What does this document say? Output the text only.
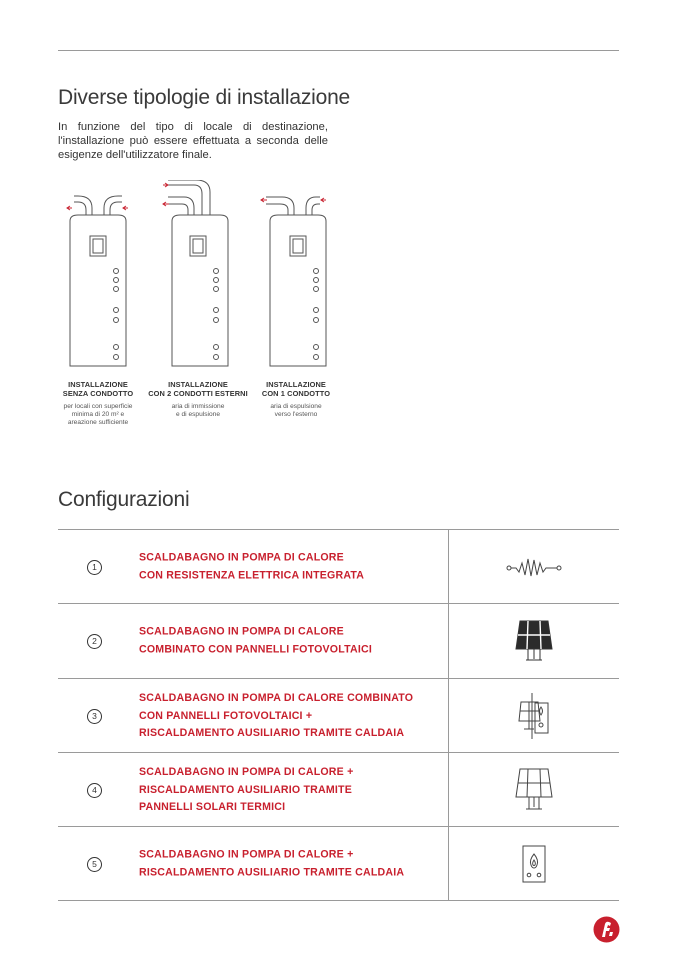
Diverse tipologie di installazione
In funzione del tipo di locale di destinazione, l'installazione può essere effettuata a seconda delle esigenze dell'utilizzatore finale.
INSTALLAZIONE
SENZA CONDOTTO
per locali con superficie
minima di 20 m² e
areazione sufficiente
INSTALLAZIONE
CON 2 CONDOTTI ESTERNI
aria di immissione
e di espulsione
INSTALLAZIONE
CON 1 CONDOTTO
aria di espulsione
verso l'esterno
Configurazioni
1
SCALDABAGNO IN POMPA DI CALORE
CON RESISTENZA ELETTRICA INTEGRATA
2
SCALDABAGNO IN POMPA DI CALORE
COMBINATO CON PANNELLI FOTOVOLTAICI
3
SCALDABAGNO IN POMPA DI CALORE COMBINATO
CON PANNELLI FOTOVOLTAICI +
RISCALDAMENTO AUSILIARIO TRAMITE CALDAIA
4
SCALDABAGNO IN POMPA DI CALORE +
RISCALDAMENTO AUSILIARIO TRAMITE
PANNELLI SOLARI TERMICI
5
SCALDABAGNO IN POMPA DI CALORE +
RISCALDAMENTO AUSILIARIO TRAMITE CALDAIA
